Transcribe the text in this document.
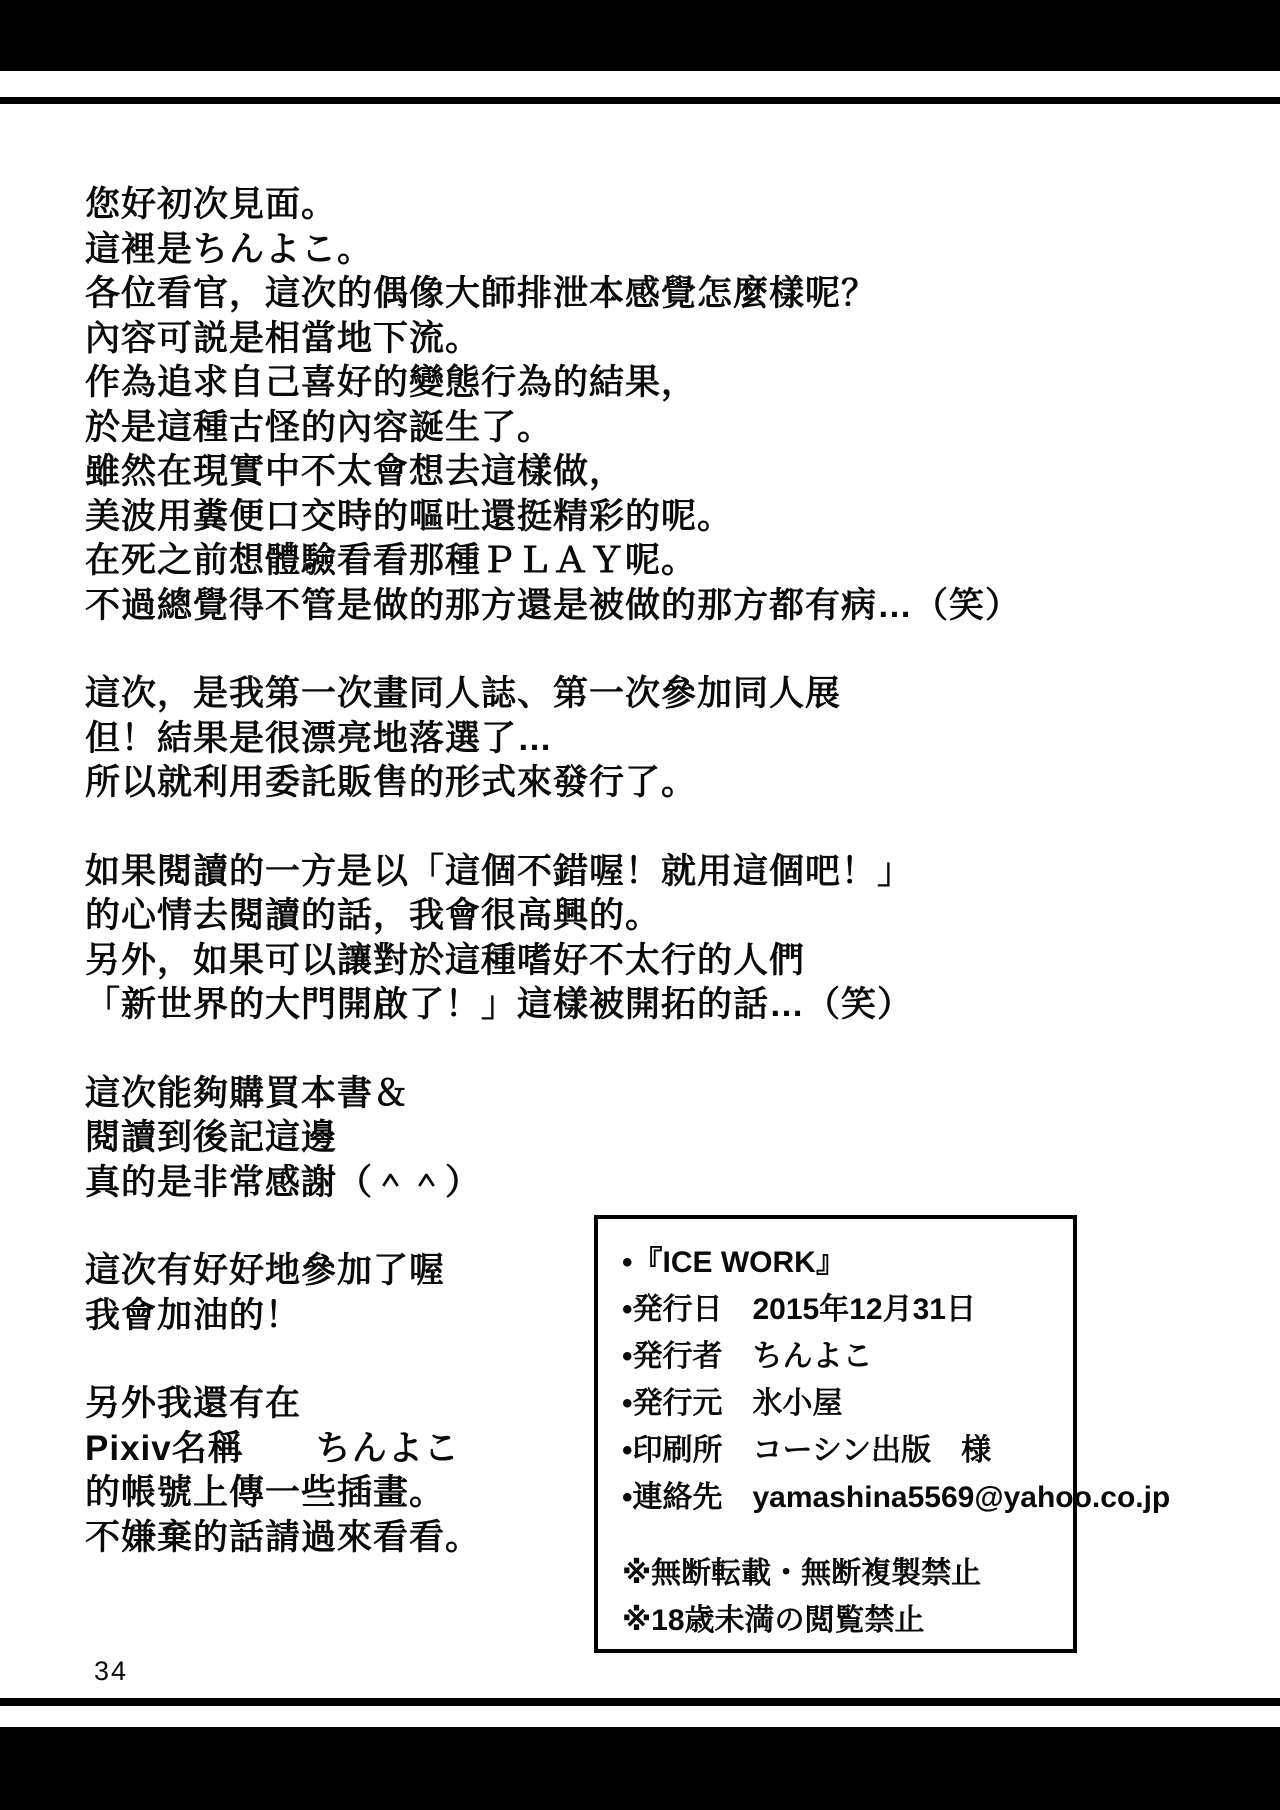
您好初次見面。
這裡是ちんよこ。
各位看官，這次的偶像大師排泄本感覺怎麼樣呢？
內容可説是相當地下流。
作為追求自己喜好的變態行為的結果，
於是這種古怪的內容誕生了。
雖然在現實中不太會想去這樣做，
美波用糞便口交時的嘔吐還挺精彩的呢。
在死之前想體驗看看那種ＰＬＡＹ呢。
不過總覺得不管是做的那方還是被做的那方都有病…（笑）
這次，是我第一次畫同人誌、第一次參加同人展
但！結果是很漂亮地落選了…
所以就利用委託販售的形式來發行了。
如果閱讀的一方是以「這個不錯喔！就用這個吧！」
的心情去閱讀的話，我會很高興的。
另外，如果可以讓對於這種嗜好不太行的人們
「新世界的大門開啟了！」這樣被開拓的話…（笑）
這次能夠購買本書＆
閱讀到後記這邊
真的是非常感謝（＾＾）
這次有好好地參加了喔
我會加油的！
另外我還有在
Pixiv名稱　　ちんよこ
的帳號上傳一些插畫。
不嫌棄的話請過來看看。
•『ICE WORK』
•発行日　2015年12月31日
•発行者　ちんよこ
•発行元　氷小屋
•印刷所　コーシン出版　様
•連絡先　yamashina5569@yahoo.co.jp
※無断転載・無断複製禁止
※18歳未満の閲覧禁止
34
